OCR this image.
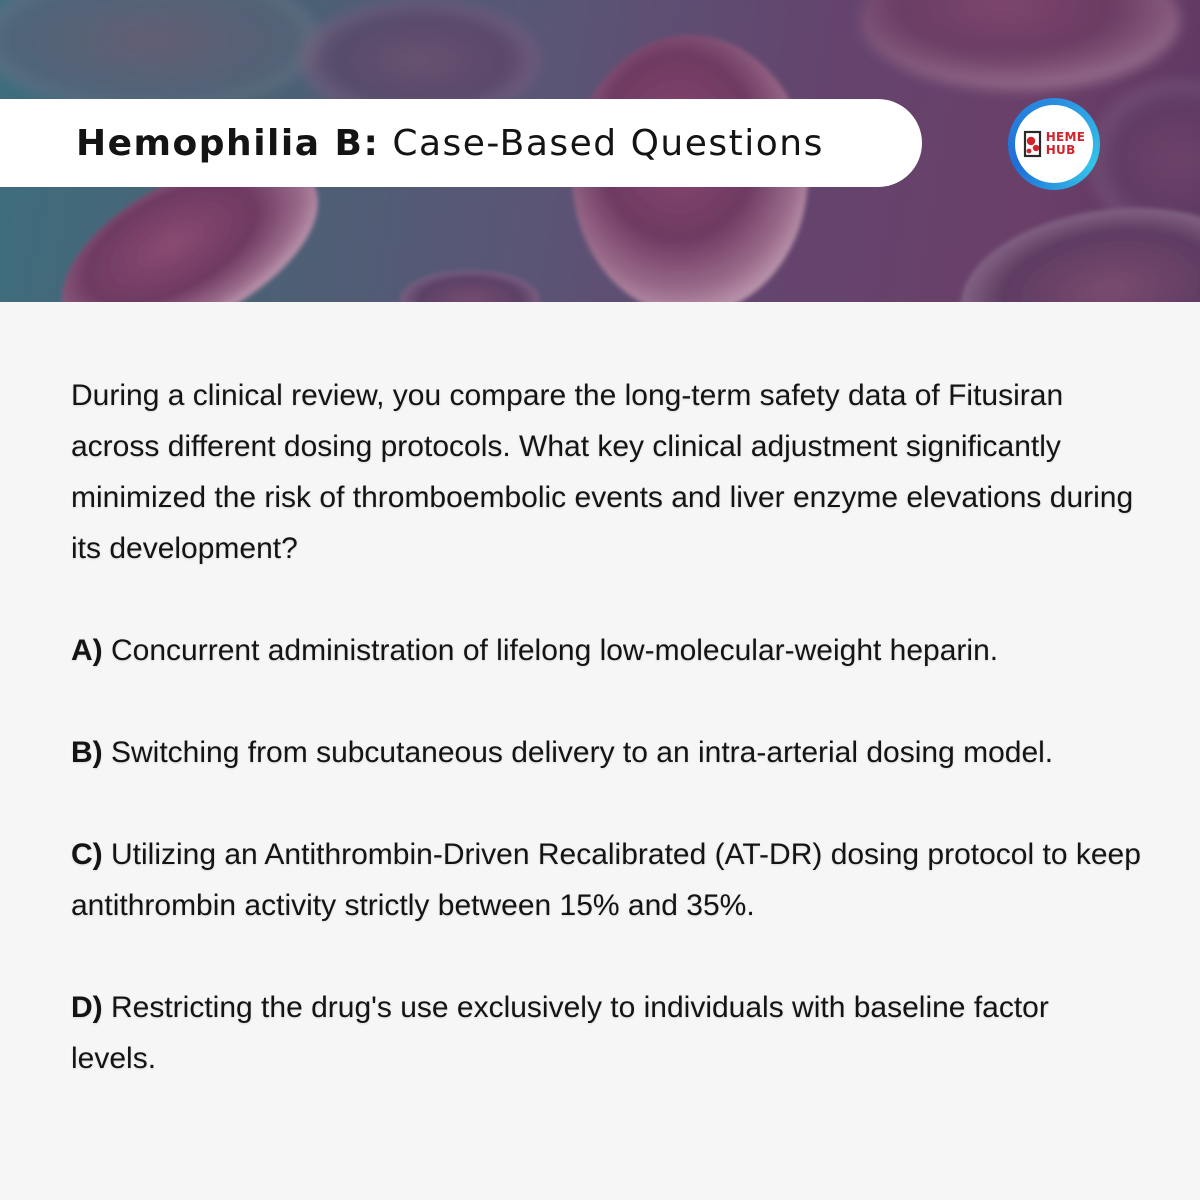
Hemophilia B: Case-Based Questions	HEME
HUB

During a clinical review, you compare the long-term safety data of Fitusiran across different dosing protocols. What key clinical adjustment significantly minimized the risk of thromboembolic events and liver enzyme elevations during its development?

A) Concurrent administration of lifelong low-molecular-weight heparin.

B) Switching from subcutaneous delivery to an intra-arterial dosing model.

C) Utilizing an Antithrombin-Driven Recalibrated (AT-DR) dosing protocol to keep antithrombin activity strictly between 15% and 35%.

D) Restricting the drug's use exclusively to individuals with baseline factor levels.
